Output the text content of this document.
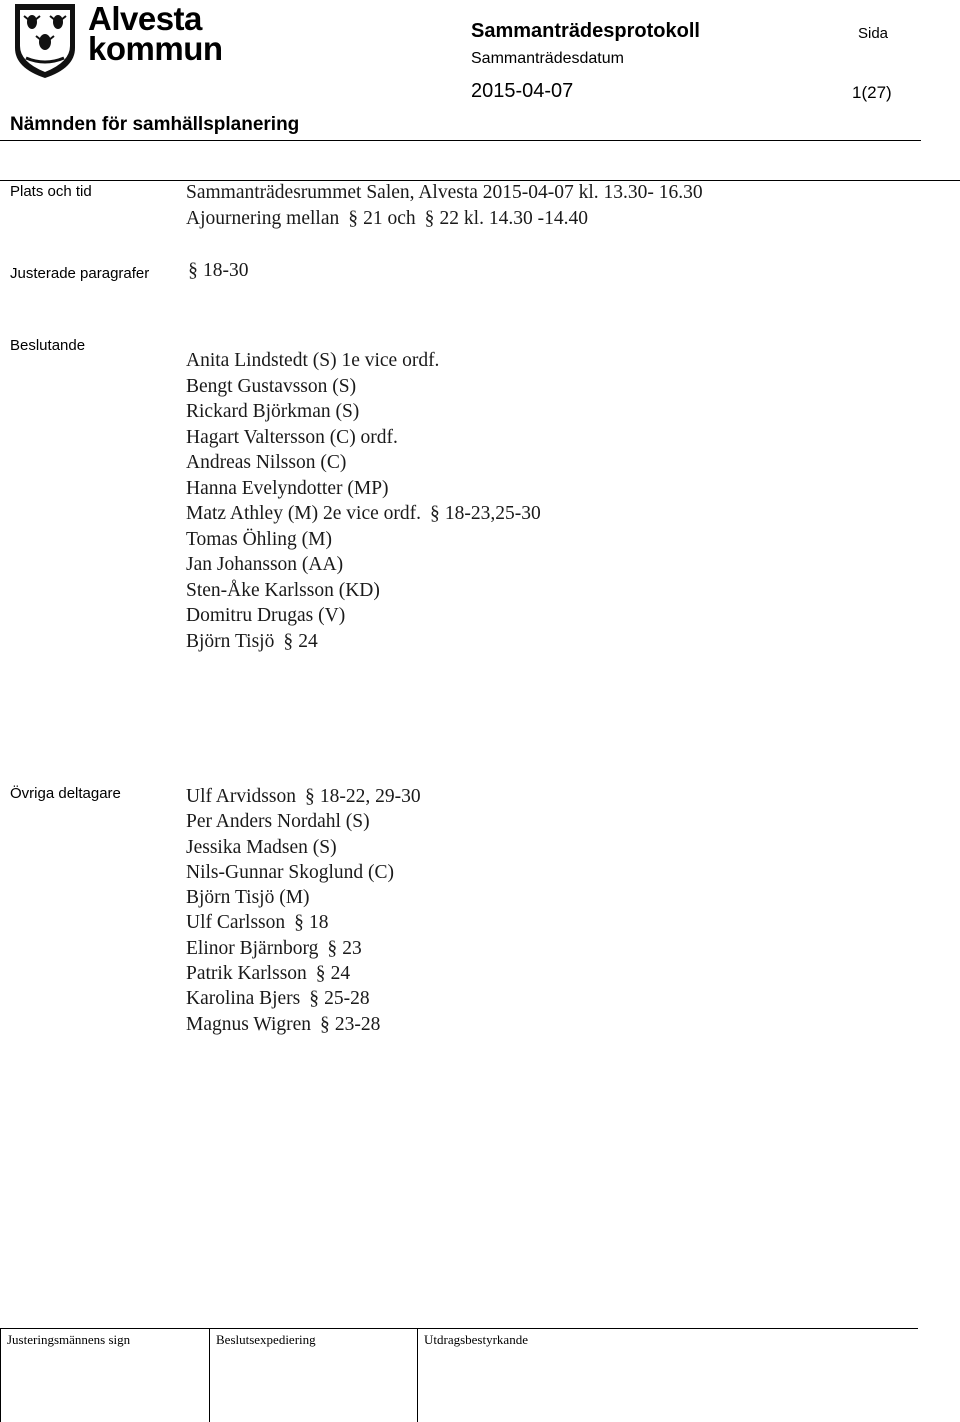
Alvesta
kommun	Sammanträdesprotokoll
Sammanträdesdatum
2015-04-07
Sida
1(27)
Nämnden för samhällsplanering
Plats och tid	Sammanträdesrummet Salen, Alvesta 2015-04-07 kl. 13.30- 16.30
Ajournering mellan § 21 och § 22 kl. 14.30 -14.40
Justerade paragrafer § 18-30
Beslutande
Anita Lindstedt (S) 1e vice ordf.
Bengt Gustavsson (S)
Rickard Björkman (S)
Hagart Valtersson (C) ordf.
Andreas Nilsson (C)
Hanna Evelyndotter (MP)
Matz Athley (M) 2e vice ordf. § 18-23,25-30
Tomas Öhling (M)
Jan Johansson (AA)
Sten-Åke Karlsson (KD)
Domitru Drugas (V)
Björn Tisjö § 24
Övriga deltagare	Ulf Arvidsson § 18-22, 29-30
Per Anders Nordahl (S)
Jessika Madsen (S)
Nils-Gunnar Skoglund (C)
Björn Tisjö (M)
Ulf Carlsson § 18
Elinor Bjärnborg § 23
Patrik Karlsson § 24
Karolina Bjers § 25-28
Magnus Wigren § 23-28
Justeringsmännens sign	Beslutsexpediering	Utdragsbestyrkande
